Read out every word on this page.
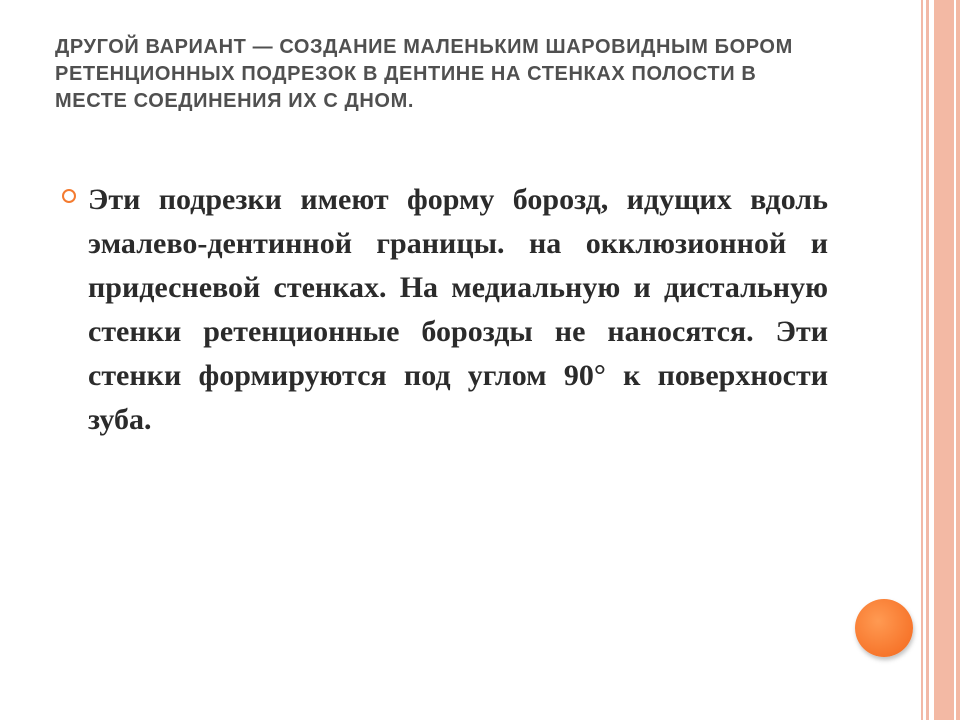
ДРУГОЙ ВАРИАНТ — СОЗДАНИЕ МАЛЕНЬКИМ ШАРОВИДНЫМ БОРОМ РЕТЕНЦИОННЫХ ПОДРЕЗОК В ДЕНТИНЕ НА СТЕНКАХ ПОЛОСТИ В МЕСТЕ СОЕДИНЕНИЯ ИХ С ДНОМ.

Эти подрезки имеют форму борозд, идущих вдоль эмалево-дентинной границы. на окклюзионной и придесневой стенках. На медиальную и дистальную стенки ретенционные борозды не наносятся. Эти стенки формируются под углом 90° к поверхности зуба.
